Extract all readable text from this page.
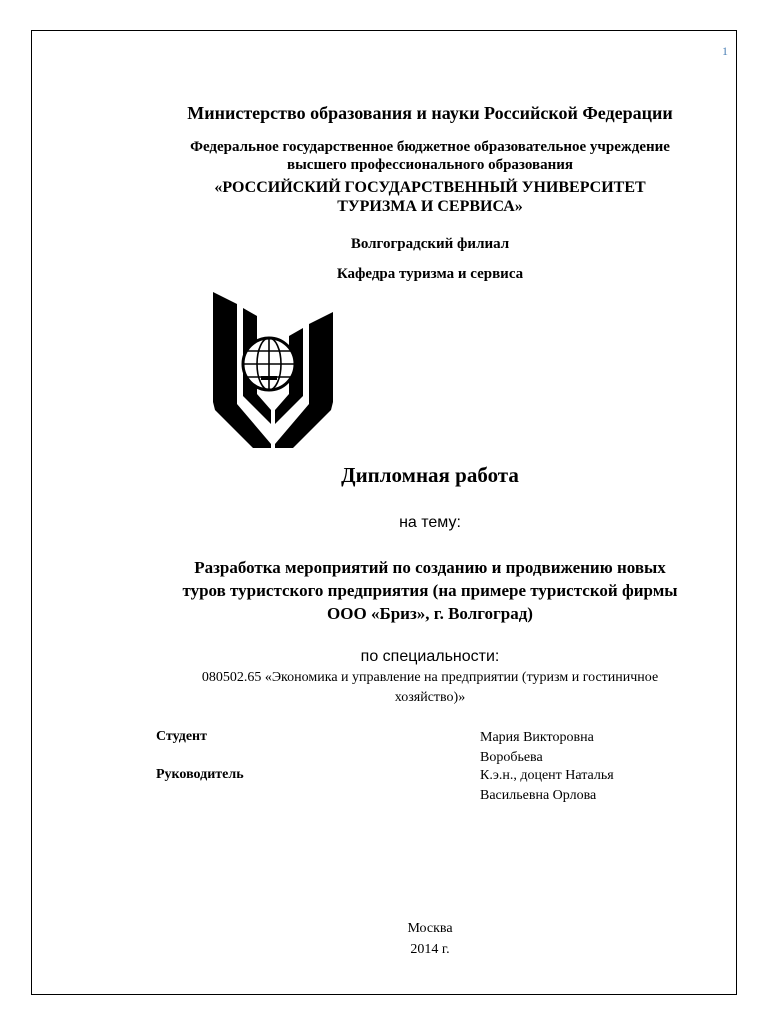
1
Министерство образования и науки Российской Федерации
Федеральное государственное бюджетное образовательное учреждение
высшего профессионального образования
«РОССИЙСКИЙ ГОСУДАРСТВЕННЫЙ УНИВЕРСИТЕТ
ТУРИЗМА И СЕРВИСА»
Волгоградский филиал
Кафедра туризма и сервиса
Дипломная работа
на тему:
Разработка мероприятий по созданию и продвижению новых
туров туристского предприятия (на примере туристской фирмы
ООО «Бриз», г. Волгоград)
по специальности:
080502.65 «Экономика и управление на предприятии (туризм и гостиничное
хозяйство)»
Студент	Мария Викторовна
Воробьева
Руководитель	К.э.н., доцент Наталья
Васильевна Орлова
Москва
2014 г.
